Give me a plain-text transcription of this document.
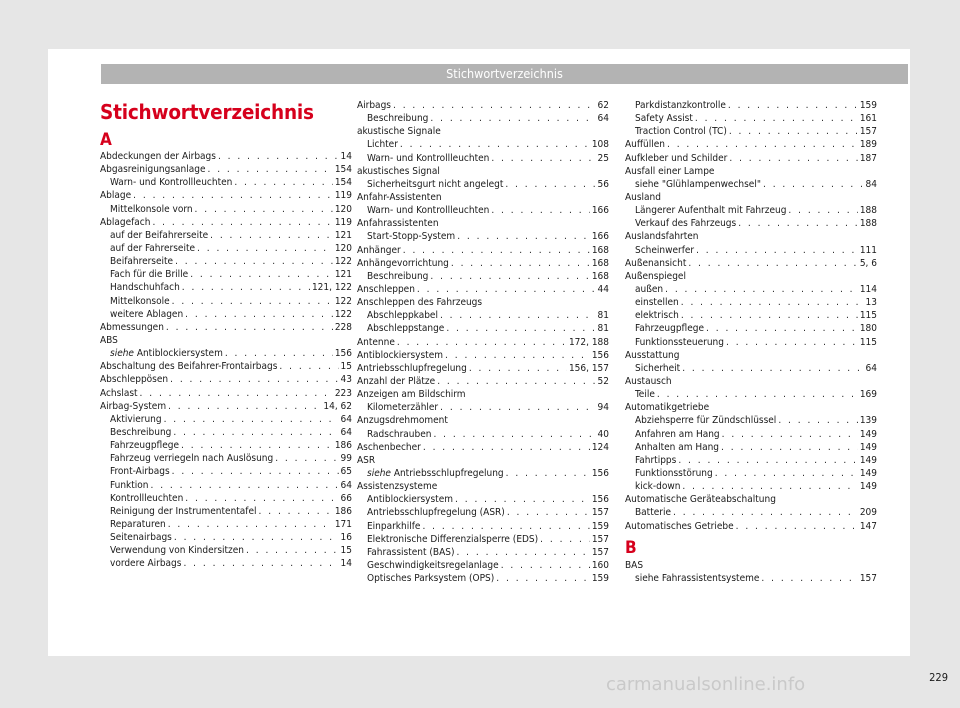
Stichwortverzeichnis
Stichwortverzeichnis
A
Abdeckungen der Airbags . . .	14
Abgasreinigungsanlage . . .	154
Warn- und Kontrollleuchten . . .	154
Ablage . . .	119
Mittelkonsole vorn . . .	120
Ablagefach . . .	119
auf der Beifahrerseite . . .	121
auf der Fahrerseite . . .	120
Beifahrerseite . . .	122
Fach für die Brille . . .	121
Handschuhfach . . .	121, 122
Mittelkonsole . . .	122
weitere Ablagen . . .	122
Abmessungen . . .	228
ABS
siehe Antiblockiersystem . . .	156
Abschaltung des Beifahrer-Frontairbags . . .	15
Abschleppösen . . .	43
Achslast . . .	223
Airbag-System . . .	14, 62
Aktivierung . . .	64
Beschreibung . . .	64
Fahrzeugpflege . . .	186
Fahrzeug verriegeln nach Auslösung . . .	99
Front-Airbags . . .	65
Funktion . . .	64
Kontrollleuchten . . .	66
Reinigung der Instrumententafel . . .	186
Reparaturen . . .	171
Seitenairbags . . .	16
Verwendung von Kindersitzen . . .	15
vordere Airbags . . .	14
Airbags . . .	62
Beschreibung . . .	64
akustische Signale
Lichter . . .	108
Warn- und Kontrollleuchten . . .	25
akustisches Signal
Sicherheitsgurt nicht angelegt . . .	56
Anfahr-Assistenten
Warn- und Kontrollleuchten . . .	166
Anfahrassistenten
Start-Stopp-System . . .	166
Anhänger . . .	168
Anhängevorrichtung . . .	168
Beschreibung . . .	168
Anschleppen . . .	44
Anschleppen des Fahrzeugs
Abschleppkabel . . .	81
Abschleppstange . . .	81
Antenne . . .	172, 188
Antiblockiersystem . . .	156
Antriebsschlupfregelung . . .	156, 157
Anzahl der Plätze . . .	52
Anzeigen am Bildschirm
Kilometerzähler . . .	94
Anzugsdrehmoment
Radschrauben . . .	40
Aschenbecher . . .	124
ASR
siehe Antriebsschlupfregelung . . .	156
Assistenzsysteme
Antiblockiersystem . . .	156
Antriebsschlupfregelung (ASR) . . .	157
Einparkhilfe . . .	159
Elektronische Differenzialsperre (EDS) . . .	157
Fahrassistent (BAS) . . .	157
Geschwindigkeitsregelanlage . . .	160
Optisches Parksystem (OPS) . . .	159
Parkdistanzkontrolle . . .	159
Safety Assist . . .	161
Traction Control (TC) . . .	157
Auffüllen . . .	189
Aufkleber und Schilder . . .	187
Ausfall einer Lampe
siehe "Glühlampenwechsel" . . .	84
Ausland
Längerer Aufenthalt mit Fahrzeug . . .	188
Verkauf des Fahrzeugs . . .	188
Auslandsfahrten
Scheinwerfer . . .	111
Außenansicht . . .	5, 6
Außenspiegel
außen . . .	114
einstellen . . .	13
elektrisch . . .	115
Fahrzeugpflege . . .	180
Funktionssteuerung . . .	115
Ausstattung
Sicherheit . . .	64
Austausch
Teile . . .	169
Automatikgetriebe
Abziehsperre für Zündschlüssel . . .	139
Anfahren am Hang . . .	149
Anhalten am Hang . . .	149
Fahrtipps . . .	149
Funktionsstörung . . .	149
kick-down . . .	149
Automatische Geräteabschaltung
Batterie . . .	209
Automatisches Getriebe . . .	147
B
BAS
siehe Fahrassistentsysteme . . .	157
229
carmanualsonline.info
